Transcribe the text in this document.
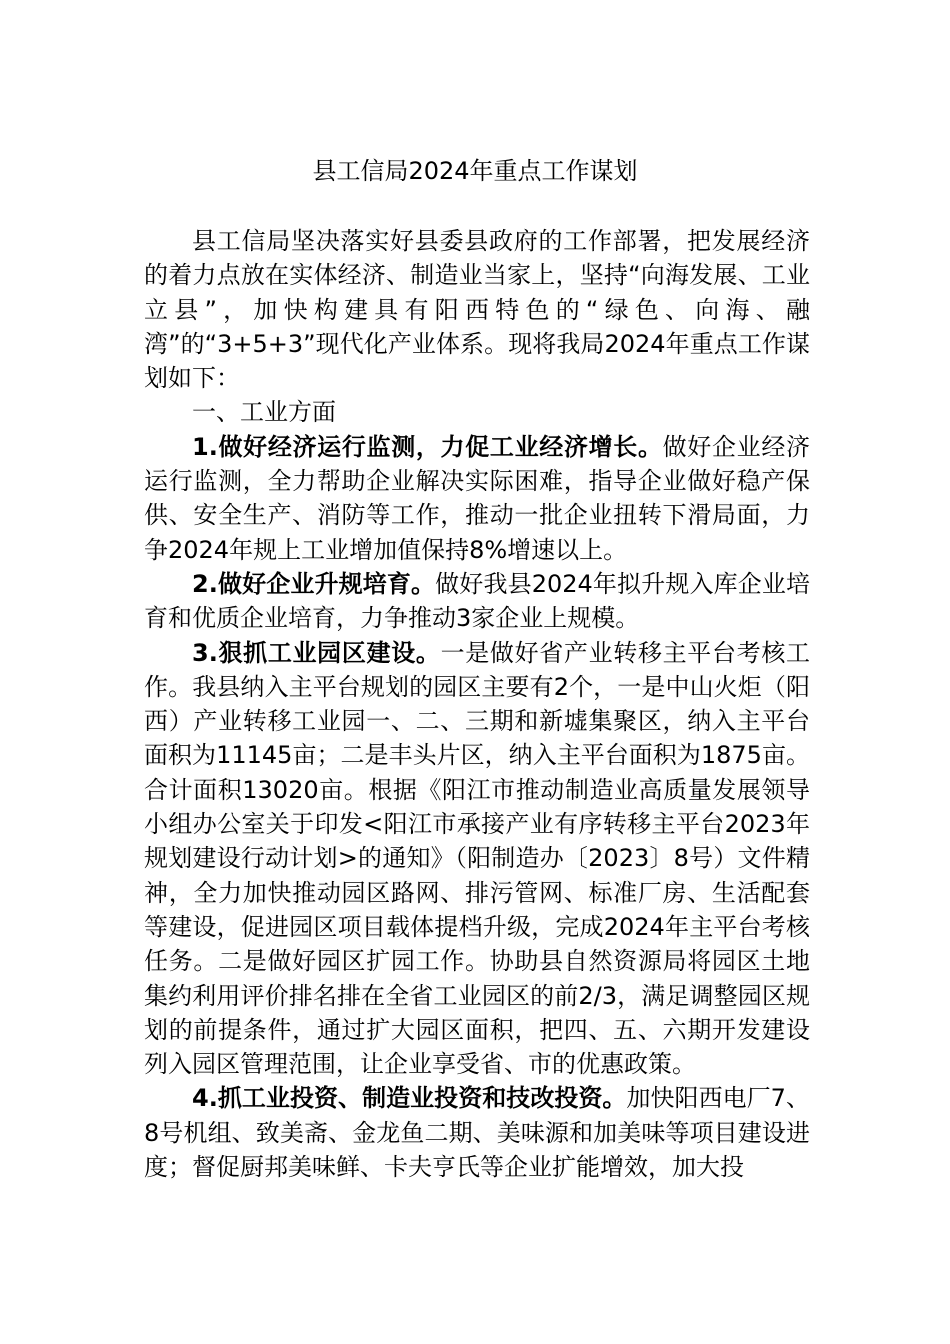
县工信局2024年重点工作谋划

县工信局坚决落实好县委县政府的工作部署，把发展经济的着力点放在实体经济、制造业当家上，坚持“向海发展、工业立县”，加快构建具有阳西特色的“绿色、向海、融湾”的“3+5+3”现代化产业体系。现将我局2024年重点工作谋划如下：

一、工业方面

1.做好经济运行监测，力促工业经济增长。做好企业经济运行监测，全力帮助企业解决实际困难，指导企业做好稳产保供、安全生产、消防等工作，推动一批企业扭转下滑局面，力争2024年规上工业增加值保持8%增速以上。

2.做好企业升规培育。做好我县2024年拟升规入库企业培育和优质企业培育，力争推动3家企业上规模。

3.狠抓工业园区建设。一是做好省产业转移主平台考核工作。我县纳入主平台规划的园区主要有2个，一是中山火炬（阳西）产业转移工业园一、二、三期和新墟集聚区，纳入主平台面积为11145亩；二是丰头片区，纳入主平台面积为1875亩。合计面积13020亩。根据《阳江市推动制造业高质量发展领导小组办公室关于印发<阳江市承接产业有序转移主平台2023年规划建设行动计划>的通知》（阳制造办〔2023〕8号）文件精神，全力加快推动园区路网、排污管网、标准厂房、生活配套等建设，促进园区项目载体提档升级，完成2024年主平台考核任务。二是做好园区扩园工作。协助县自然资源局将园区土地集约利用评价排名排在全省工业园区的前2/3，满足调整园区规划的前提条件，通过扩大园区面积，把四、五、六期开发建设列入园区管理范围，让企业享受省、市的优惠政策。

4.抓工业投资、制造业投资和技改投资。加快阳西电厂7、8号机组、致美斋、金龙鱼二期、美味源和加美味等项目建设进度；督促厨邦美味鲜、卡夫亨氏等企业扩能增效，加大投
